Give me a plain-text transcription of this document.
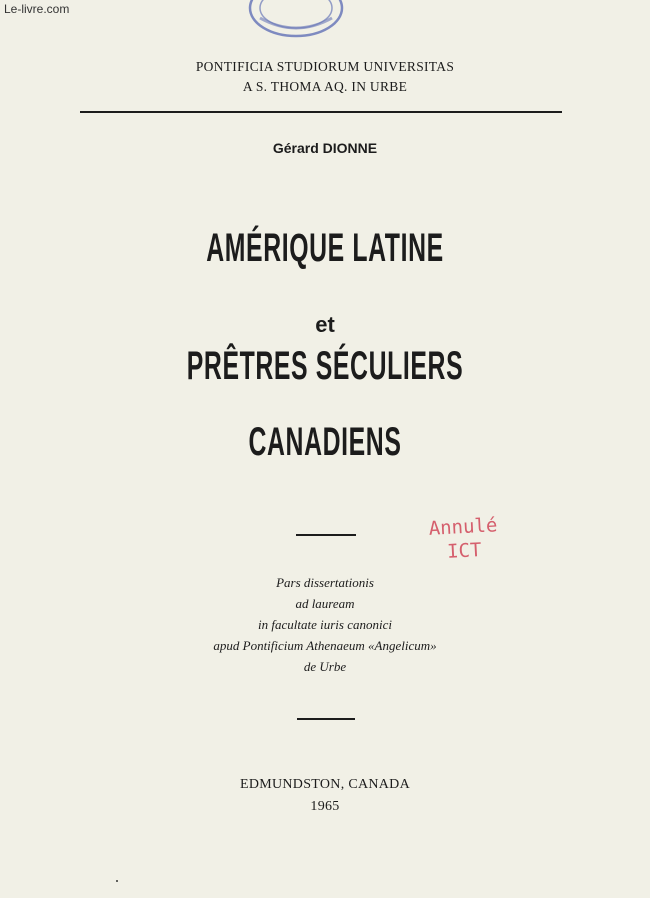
Le-livre.com
PONTIFICIA STUDIORUM UNIVERSITAS
A S. THOMA AQ. IN URBE
Gérard DIONNE
AMÉRIQUE LATINE
et
PRÊTRES SÉCULIERS
CANADIENS
Annulé
ICT
Pars dissertationis
ad lauream
in facultate iuris canonici
apud Pontificium Athenaeum «Angelicum»
de Urbe
EDMUNDSTON, CANADA
1965
